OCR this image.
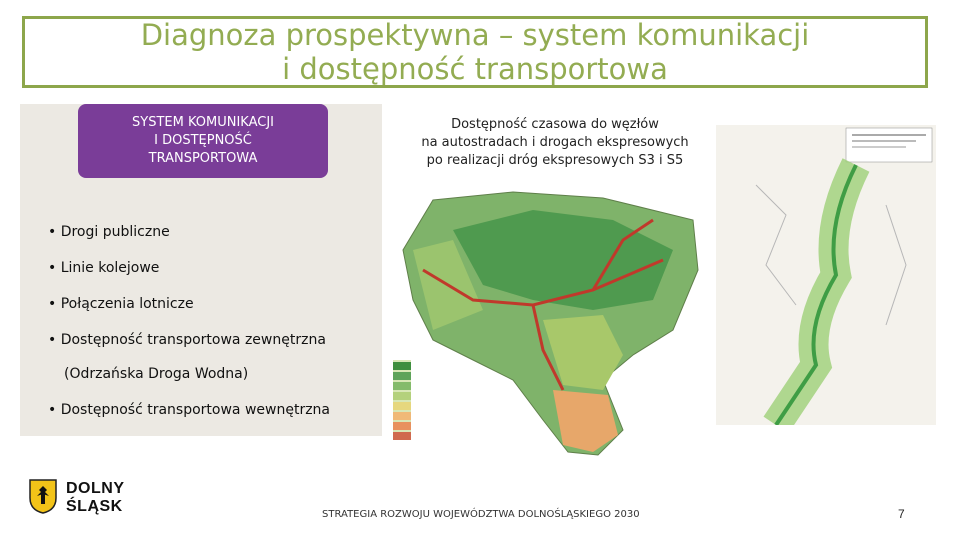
Diagnoza prospektywna – system komunikacji
i dostępność transportowa
SYSTEM KOMUNIKACJI
I DOSTĘPNOŚĆ
TRANSPORTOWA
• Drogi publiczne
• Linie kolejowe
• Połączenia lotnicze
• Dostępność transportowa zewnętrzna
(Odrzańska Droga Wodna)
• Dostępność transportowa wewnętrzna
Dostępność czasowa do węzłów
na autostradach i drogach ekspresowych
po realizacji dróg ekspresowych S3 i S5
DOLNY
ŚLĄSK	STRATEGIA ROZWOJU WOJEWÓDZTWA DOLNOŚLĄSKIEGO 2030	7
